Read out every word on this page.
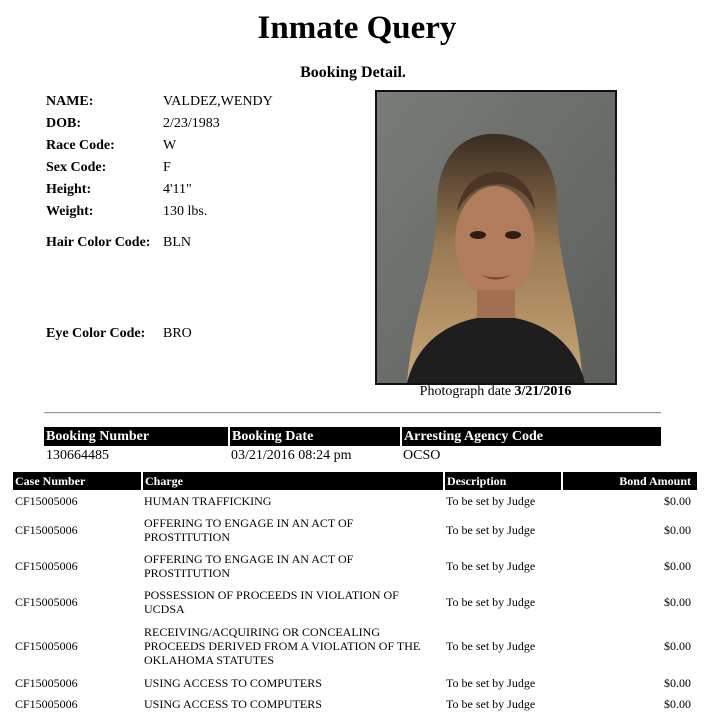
Inmate Query
Booking Detail.
NAME:	VALDEZ,WENDY
DOB:	2/23/1983
Race Code:	W
Sex Code:	F
Height:	4'11"
Weight:	130 lbs.
Hair Color Code:	BLN

Eye Color Code:	BRO
Photograph date 3/21/2016
Booking Number	Booking Date	Arresting Agency Code
130664485	03/21/2016 08:24 pm	OCSO
Case Number	Charge	Description	Bond Amount
CF15005006	HUMAN TRAFFICKING	To be set by Judge	$0.00
CF15005006	OFFERING TO ENGAGE IN AN ACT OF PROSTITUTION	To be set by Judge	$0.00
CF15005006	OFFERING TO ENGAGE IN AN ACT OF PROSTITUTION	To be set by Judge	$0.00
CF15005006	POSSESSION OF PROCEEDS IN VIOLATION OF UCDSA	To be set by Judge	$0.00
CF15005006	RECEIVING/ACQUIRING OR CONCEALING PROCEEDS DERIVED FROM A VIOLATION OF THE OKLAHOMA STATUTES	To be set by Judge	$0.00
CF15005006	USING ACCESS TO COMPUTERS	To be set by Judge	$0.00
CF15005006	USING ACCESS TO COMPUTERS	To be set by Judge	$0.00
